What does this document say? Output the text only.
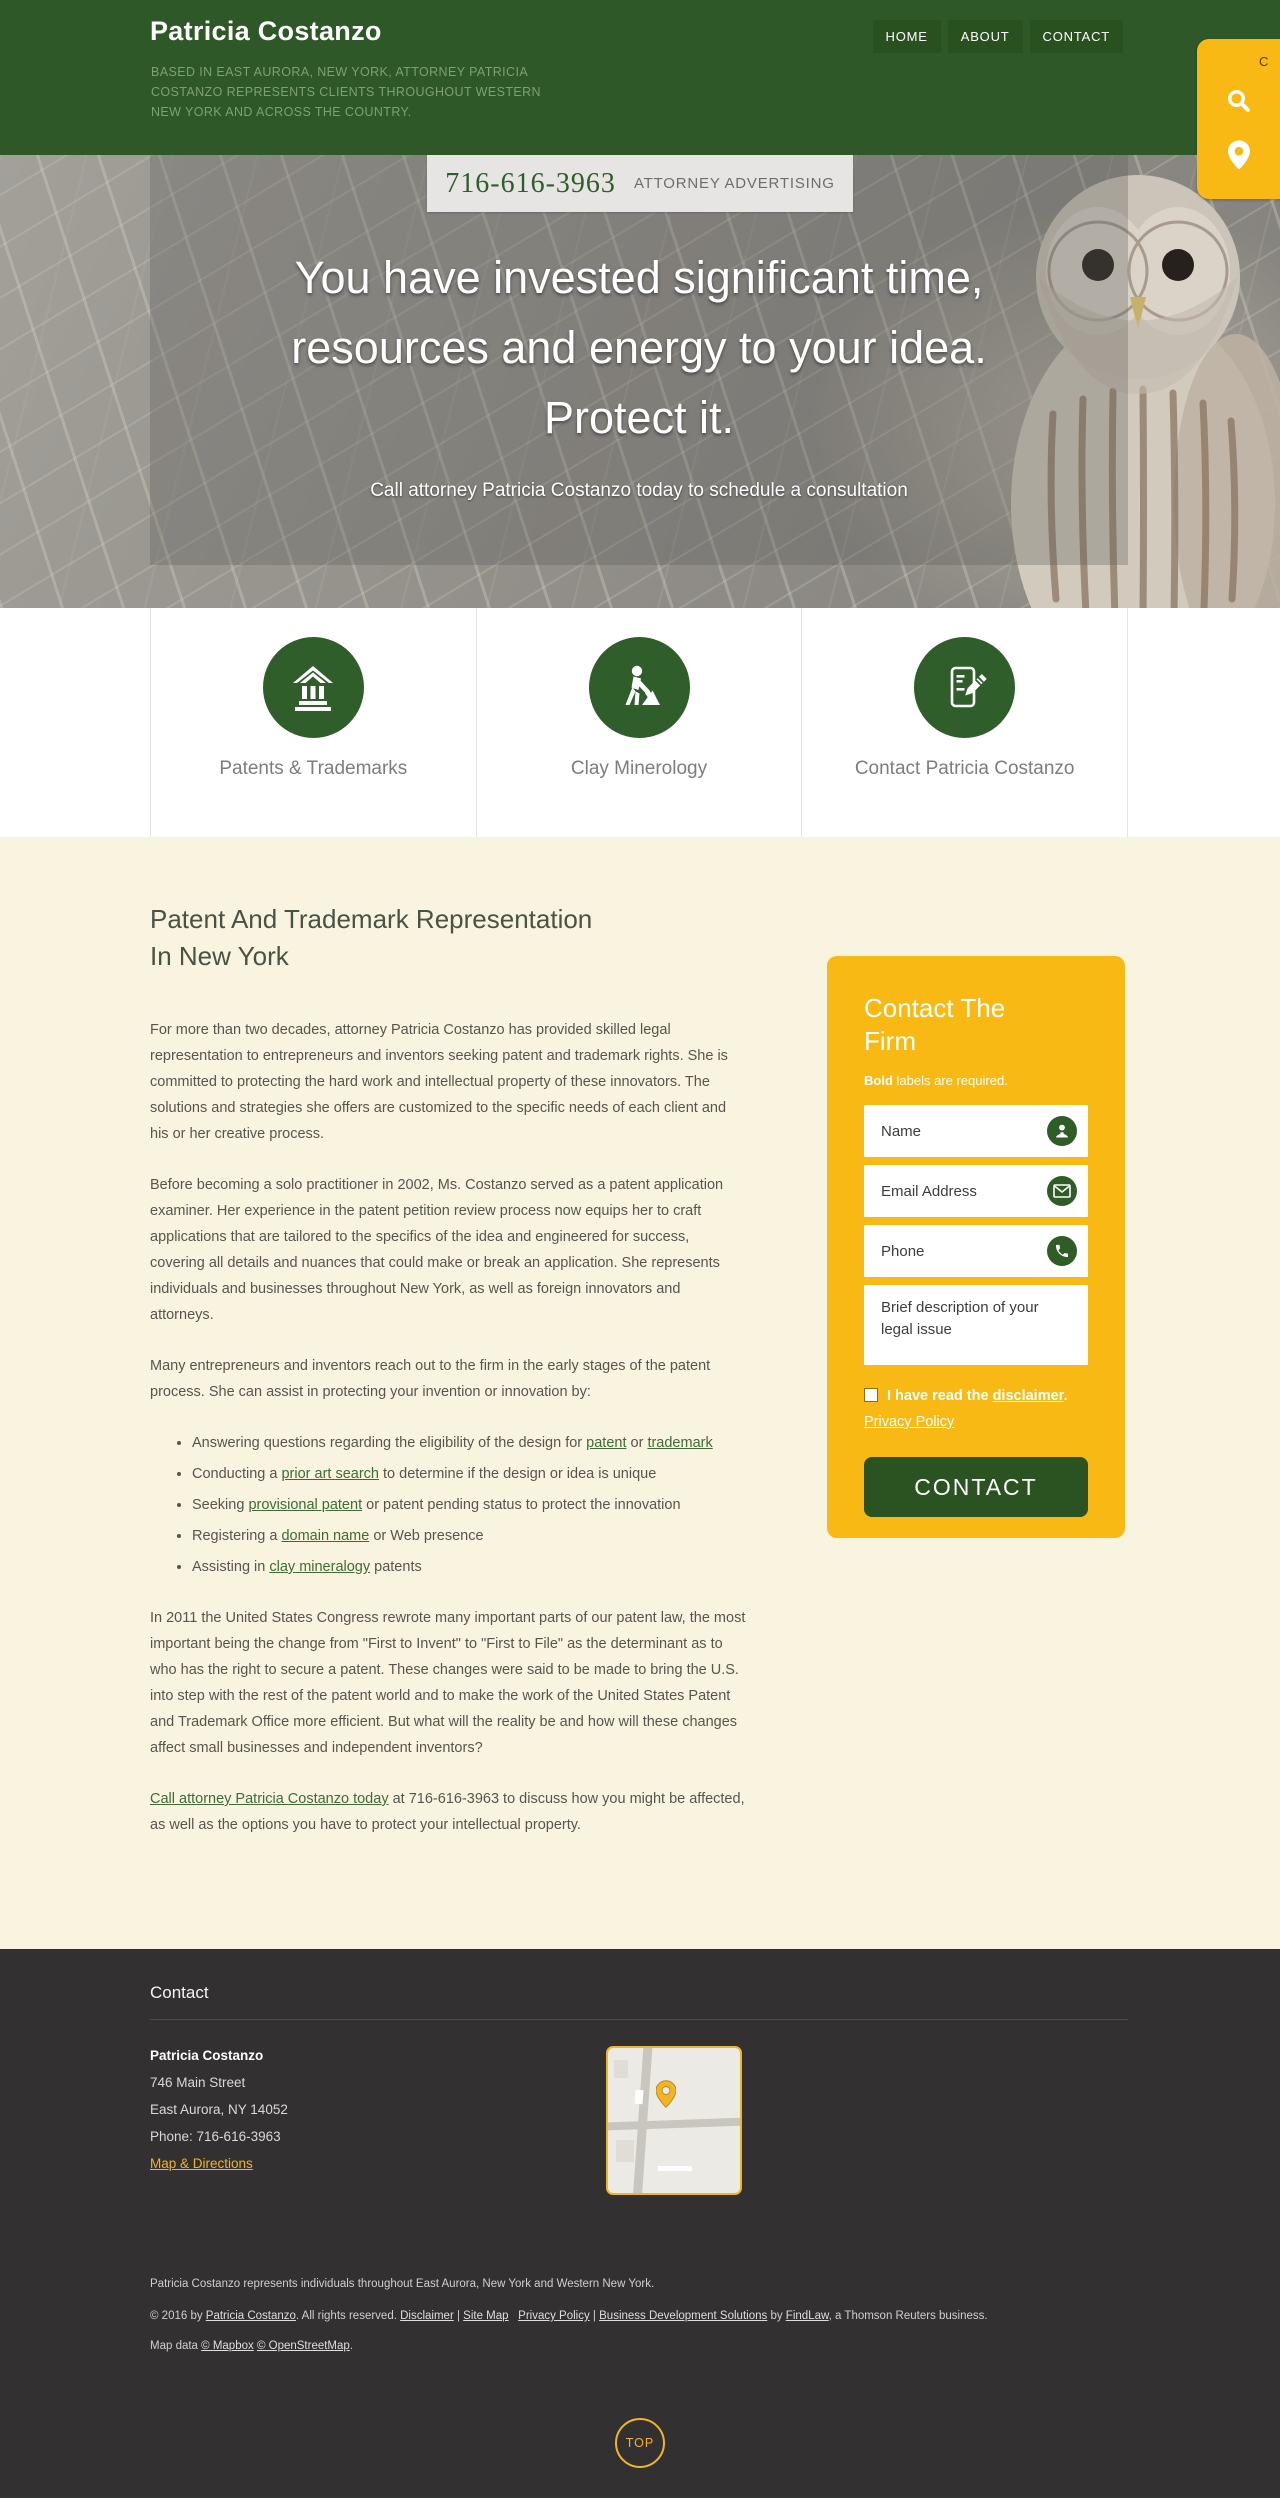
Patricia Costanzo
BASED IN EAST AURORA, NEW YORK, ATTORNEY PATRICIA COSTANZO REPRESENTS CLIENTS THROUGHOUT WESTERN NEW YORK AND ACROSS THE COUNTRY.
HOME	ABOUT	CONTACT
C
716-616-3963 ATTORNEY ADVERTISING
You have invested significant time, resources and energy to your idea. Protect it.
Call attorney Patricia Costanzo today to schedule a consultation
Patents & Trademarks	Clay Minerology	Contact Patricia Costanzo
Patent And Trademark Representation In New York

For more than two decades, attorney Patricia Costanzo has provided skilled legal representation to entrepreneurs and inventors seeking patent and trademark rights. She is committed to protecting the hard work and intellectual property of these innovators. The solutions and strategies she offers are customized to the specific needs of each client and his or her creative process.

Before becoming a solo practitioner in 2002, Ms. Costanzo served as a patent application examiner. Her experience in the patent petition review process now equips her to craft applications that are tailored to the specifics of the idea and engineered for success, covering all details and nuances that could make or break an application. She represents individuals and businesses throughout New York, as well as foreign innovators and attorneys.

Many entrepreneurs and inventors reach out to the firm in the early stages of the patent process. She can assist in protecting your invention or innovation by:

• Answering questions regarding the eligibility of the design for patent or trademark
• Conducting a prior art search to determine if the design or idea is unique
• Seeking provisional patent or patent pending status to protect the innovation
• Registering a domain name or Web presence
• Assisting in clay mineralogy patents

In 2011 the United States Congress rewrote many important parts of our patent law, the most important being the change from "First to Invent" to "First to File" as the determinant as to who has the right to secure a patent. These changes were said to be made to bring the U.S. into step with the rest of the patent world and to make the work of the United States Patent and Trademark Office more efficient. But what will the reality be and how will these changes affect small businesses and independent inventors?

Call attorney Patricia Costanzo today at 716-616-3963 to discuss how you might be affected, as well as the options you have to protect your intellectual property.

Contact The Firm
Bold labels are required.
Name
Email Address
Phone
Brief description of your legal issue
I have read the disclaimer.
Privacy Policy
CONTACT
Contact
Patricia Costanzo
746 Main Street
East Aurora, NY 14052
Phone: 716-616-3963
Map & Directions

Patricia Costanzo represents individuals throughout East Aurora, New York and Western New York.

© 2016 by Patricia Costanzo. All rights reserved. Disclaimer | Site Map Privacy Policy | Business Development Solutions by FindLaw, a Thomson Reuters business.

Map data © Mapbox © OpenStreetMap.

TOP
